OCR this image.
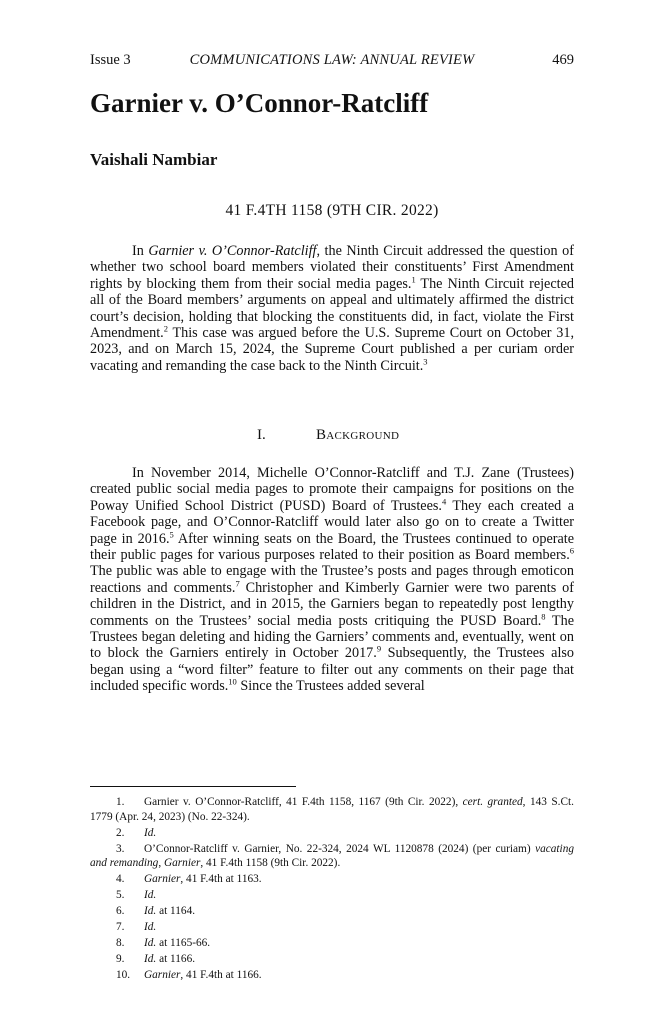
Issue 3	COMMUNICATIONS LAW: ANNUAL REVIEW	469
Garnier v. O’Connor-Ratcliff
Vaishali Nambiar
41 F.4TH 1158 (9TH CIR. 2022)

In Garnier v. O’Connor-Ratcliff, the Ninth Circuit addressed the question of whether two school board members violated their constituents’ First Amendment rights by blocking them from their social media pages.$^1$ The Ninth Circuit rejected all of the Board members’ arguments on appeal and ultimately affirmed the district court’s decision, holding that blocking the constituents did, in fact, violate the First Amendment.$^2$ This case was argued before the U.S. Supreme Court on October 31, 2023, and on March 15, 2024, the Supreme Court published a per curiam order vacating and remanding the case back to the Ninth Circuit.$^3$

I.	Background

In November 2014, Michelle O’Connor-Ratcliff and T.J. Zane (Trustees) created public social media pages to promote their campaigns for positions on the Poway Unified School District (PUSD) Board of Trustees.$^4$ They each created a Facebook page, and O’Connor-Ratcliff would later also go on to create a Twitter page in 2016.$^5$ After winning seats on the Board, the Trustees continued to operate their public pages for various purposes related to their position as Board members.$^6$ The public was able to engage with the Trustee’s posts and pages through emoticon reactions and comments.$^7$ Christopher and Kimberly Garnier were two parents of children in the District, and in 2015, the Garniers began to repeatedly post lengthy comments on the Trustees’ social media posts critiquing the PUSD Board.$^8$ The Trustees began deleting and hiding the Garniers’ comments and, eventually, went on to block the Garniers entirely in October 2017.$^9$ Subsequently, the Trustees also began using a “word filter” feature to filter out any comments on their page that included specific words.$^{10}$ Since the Trustees added several

1. Garnier v. O’Connor-Ratcliff, 41 F.4th 1158, 1167 (9th Cir. 2022), cert. granted, 143 S.Ct. 1779 (Apr. 24, 2023) (No. 22-324).

2. Id.

3. O’Connor-Ratcliff v. Garnier, No. 22-324, 2024 WL 1120878 (2024) (per curiam) vacating and remanding, Garnier, 41 F.4th 1158 (9th Cir. 2022).

4. Garnier, 41 F.4th at 1163.

5. Id.

6. Id. at 1164.

7. Id.

8. Id. at 1165-66.

9. Id. at 1166.

10. Garnier, 41 F.4th at 1166.
